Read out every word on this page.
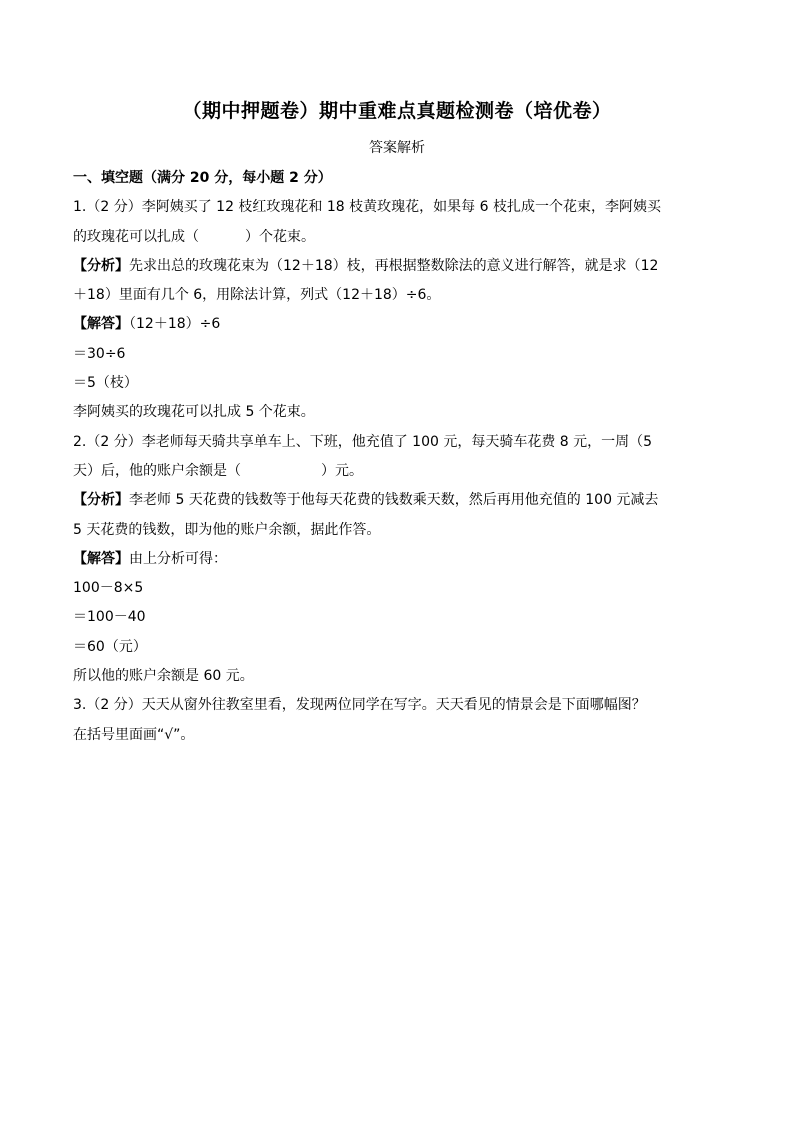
（期中押题卷）期中重难点真题检测卷（培优卷）
答案解析
一、填空题（满分 20 分，每小题 2 分）
1.（2 分）李阿姨买了 12 枝红玫瑰花和 18 枝黄玫瑰花，如果每 6 枝扎成一个花束，李阿姨买
的玫瑰花可以扎成（	）个花束。
【分析】先求出总的玫瑰花束为（12＋18）枝，再根据整数除法的意义进行解答，就是求（12
＋18）里面有几个 6，用除法计算，列式（12＋18）÷6。
【解答】（12＋18）÷6
＝30÷6
＝5（枝）
李阿姨买的玫瑰花可以扎成 5 个花束。
2.（2 分）李老师每天骑共享单车上、下班，他充值了 100 元，每天骑车花费 8 元，一周（5
天）后，他的账户余额是（	）元。
【分析】李老师 5 天花费的钱数等于他每天花费的钱数乘天数，然后再用他充值的 100 元减去
5 天花费的钱数，即为他的账户余额，据此作答。
【解答】由上分析可得：
100－8×5
＝100－40
＝60（元）
所以他的账户余额是 60 元。
3.（2 分）天天从窗外往教室里看，发现两位同学在写字。天天看见的情景会是下面哪幅图？
在括号里面画“√”。
